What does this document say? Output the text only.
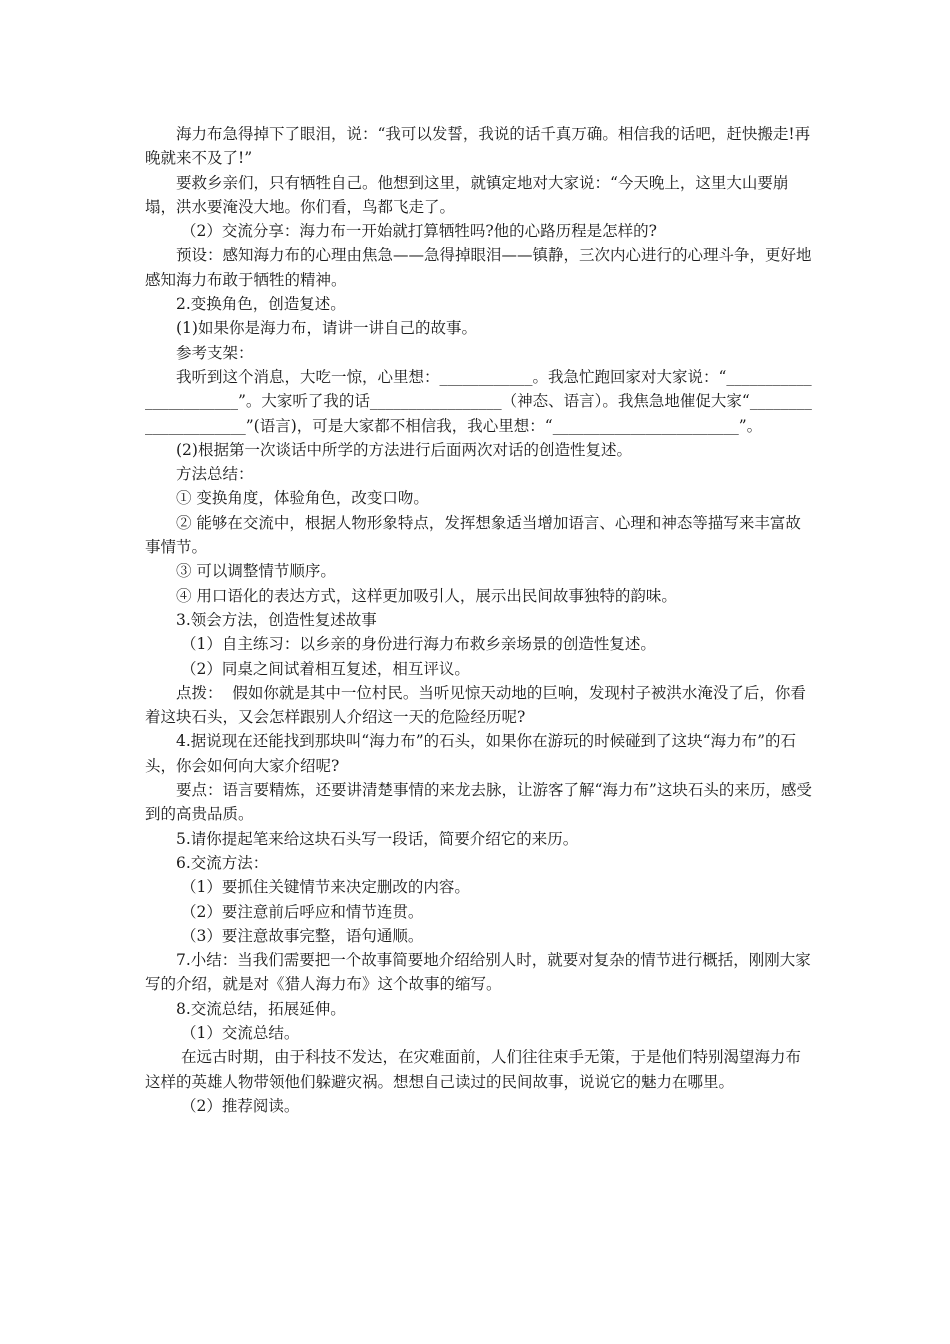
海力布急得掉下了眼泪，说：“我可以发誓，我说的话千真万确。相信我的话吧，赶快搬走!再晚就来不及了!”

要救乡亲们，只有牺牲自己。他想到这里，就镇定地对大家说：“今天晚上，这里大山要崩塌，洪水要淹没大地。你们看，鸟都飞走了。

（2）交流分享：海力布一开始就打算牺牲吗?他的心路历程是怎样的?

预设：感知海力布的心理由焦急——急得掉眼泪——镇静，三次内心进行的心理斗争，更好地感知海力布敢于牺牲的精神。

2.变换角色，创造复述。

(1)如果你是海力布，请讲一讲自己的故事。

参考支架：

我听到这个消息，大吃一惊，心里想：____________。我急忙跑回家对大家说：“_______________________”。大家听了我的话_________________（神态、语言）。我焦急地催促大家“_____________________”(语言)，可是大家都不相信我，我心里想：“________________________”。

(2)根据第一次谈话中所学的方法进行后面两次对话的创造性复述。

方法总结：

① 变换角度，体验角色，改变口吻。

② 能够在交流中，根据人物形象特点，发挥想象适当增加语言、心理和神态等描写来丰富故事情节。

③ 可以调整情节顺序。

④ 用口语化的表达方式，这样更加吸引人，展示出民间故事独特的韵味。

3.领会方法，创造性复述故事

（1）自主练习：以乡亲的身份进行海力布救乡亲场景的创造性复述。

（2）同桌之间试着相互复述，相互评议。

点拨：  假如你就是其中一位村民。当听见惊天动地的巨响，发现村子被洪水淹没了后，你看着这块石头，又会怎样跟别人介绍这一天的危险经历呢?

4.据说现在还能找到那块叫“海力布”的石头，如果你在游玩的时候碰到了这块“海力布”的石头，你会如何向大家介绍呢?

要点：语言要精炼，还要讲清楚事情的来龙去脉，让游客了解“海力布”这块石头的来历，感受到的高贵品质。

5.请你提起笔来给这块石头写一段话，简要介绍它的来历。

6.交流方法：

（1）要抓住关键情节来决定删改的内容。

（2）要注意前后呼应和情节连贯。

（3）要注意故事完整，语句通顺。

7.小结：当我们需要把一个故事简要地介绍给别人时，就要对复杂的情节进行概括，刚刚大家写的介绍，就是对《猎人海力布》这个故事的缩写。

8.交流总结，拓展延伸。

（1）交流总结。

在远古时期，由于科技不发达，在灾难面前，人们往往束手无策，于是他们特别渴望海力布这样的英雄人物带领他们躲避灾祸。想想自己读过的民间故事，说说它的魅力在哪里。

（2）推荐阅读。
